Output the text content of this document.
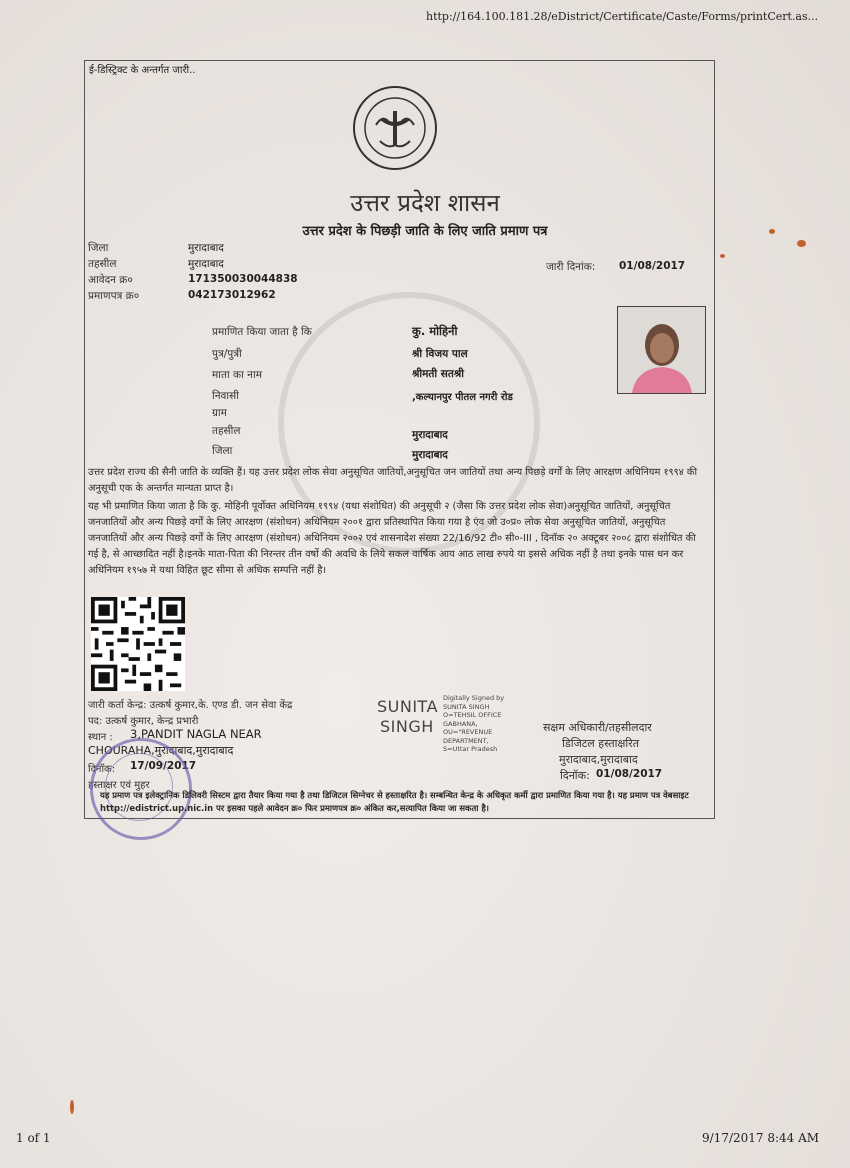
http://164.100.181.28/eDistrict/Certificate/Caste/Forms/printCert.as...
ई-डिस्ट्रिक्ट के अन्तर्गत जारी..
उत्तर प्रदेश शासन
उत्तर प्रदेश के पिछड़ी जाति के लिए जाति प्रमाण पत्र
जिला	मुरादाबाद
तहसील	मुरादाबाद
आवेदन क्र०	171350030044838
प्रमाणपत्र क्र०	042173012962
जारी दिनांक: 01/08/2017
प्रमाणित किया जाता है कि	कु. मोहिनी
पुत्र/पुत्री	श्री विजय पाल
माता का नाम	श्रीमती सतश्री
निवासी	,कल्यानपुर पीतल नगरी रोड
ग्राम
तहसील	मुरादाबाद
जिला	मुरादाबाद
उत्तर प्रदेश राज्य की सैनी जाति के व्यक्ति हैं। यह उत्तर प्रदेश लोक सेवा अनुसूचित जातियों,अनुसूचित जन जातियों तथा अन्य पिछड़े वर्गों के लिए आरक्षण अधिनियम १९९४ की अनुसूची एक के अन्तर्गत मान्यता प्राप्त है।
यह भी प्रमाणित किया जाता है कि कु. मोहिनी पूर्वोक्त अधिनियम १९९४ (यथा संशोधित) की अनुसूची २ (जैसा कि उत्तर प्रदेश लोक सेवा)अनुसूचित जातियों, अनुसूचित जनजातियों और अन्य पिछड़े वर्गों के लिए आरक्षण (संशोधन) अधिनियम २००१ द्वारा प्रतिस्थापित किया गया है एंव जो उ०प्र० लोक सेवा अनुसूचित जातियों, अनुसूचित जनजातियों और अन्य पिछड़े वर्गों के लिए आरक्षण (संशोधन) अधिनियम २००२ एवं शासनादेश संख्या 22/16/92 टी० सी०-III , दिनॉक २० अक्टूबर २००८ द्वारा संशोधित की गई है, से आच्छादित नहीं है।इनके माता-पिता की निरन्तर तीन वर्षो की अवधि के लिये सकल वार्षिक आय आठ लाख रुपये या इससे अधिक नहीं है तथा इनके पास धन कर अधिनियम १९५७ मे यथा विहित छूट सीमा से अधिक सम्पत्ति नहीं है।
जारी कर्ता केन्द्र: उत्कर्ष कुमार,के. एण्ड डी. जन सेवा केंद्र
पद: उत्कर्ष कुमार, केन्द्र प्रभारी
स्थान : 3,PANDIT NAGLA NEAR
CHOURAHA,मुरादाबाद,मुरादाबाद
दिनॉक: 17/09/2017
हस्ताक्षर एवं मुहर
SUNITA
SINGH
Digitally Signed by
SUNITA SINGH
O=TEHSIL OFFICE
GABHANA,
OU="REVENUE
DEPARTMENT,
S=Uttar Pradesh
सक्षम अधिकारी/तहसीलदार
डिजिटल हस्ताक्षरित
मुरादाबाद,मुरादाबाद
दिनॉक: 01/08/2017
यह प्रमाण पत्र इलेक्ट्रानिक डिलिवरी सिस्टम द्वारा तैयार किया गया है तथा डिजिटल सिग्नेचर से हस्ताक्षरित है। सम्बन्धित केन्द्र के अधिकृत कर्मी द्वारा प्रमाणित किया गया है। यह प्रमाण पत्र वेबसाइट http://edistrict.up.nic.in पर इसका पहले आवेदन क्र० फिर प्रमाणपत्र क्र० अंकित कर,सत्यापित किया जा सकता है।
1 of 1	9/17/2017 8:44 AM
